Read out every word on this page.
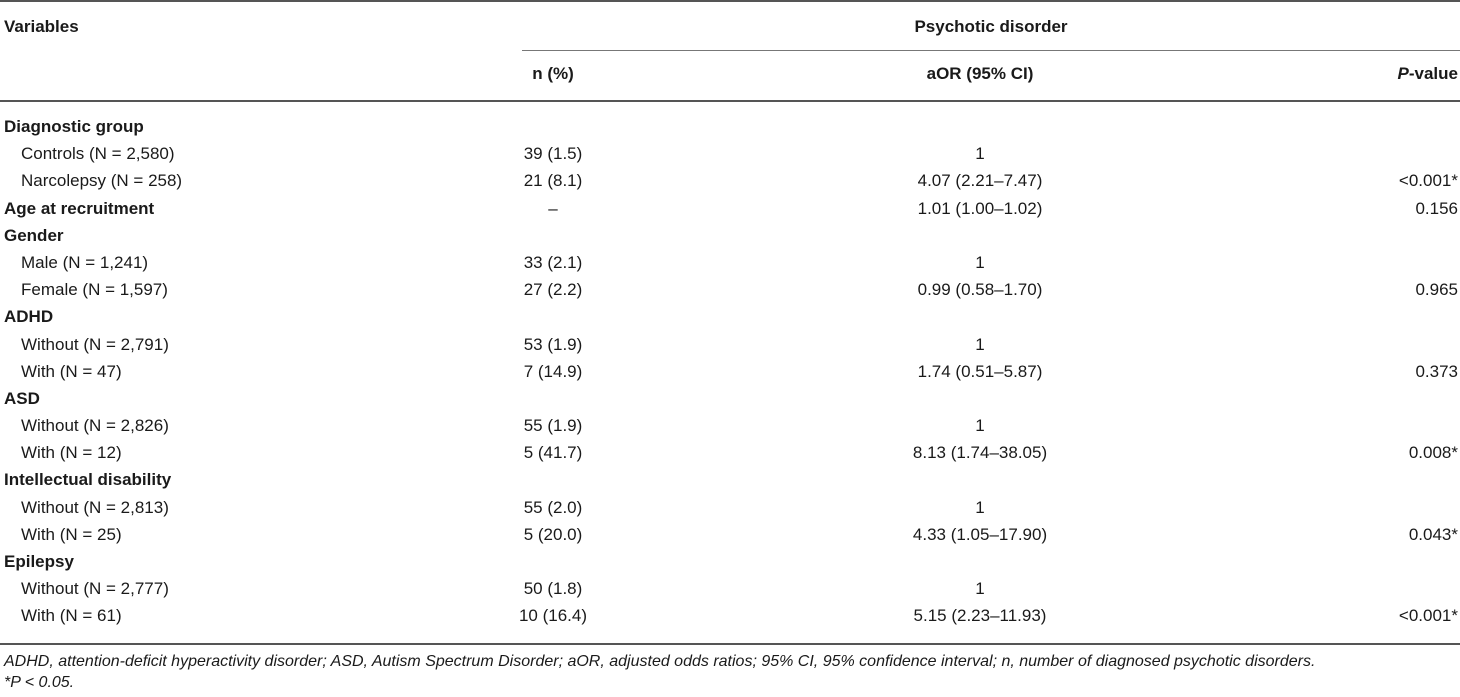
Variables	Psychotic disorder
n (%)	aOR (95% CI)	P-value
Diagnostic group
Controls (N = 2,580)	39 (1.5)	1
Narcolepsy (N = 258)	21 (8.1)	4.07 (2.21–7.47)	<0.001*
Age at recruitment	–	1.01 (1.00–1.02)	0.156
Gender
Male (N = 1,241)	33 (2.1)	1
Female (N = 1,597)	27 (2.2)	0.99 (0.58–1.70)	0.965
ADHD
Without (N = 2,791)	53 (1.9)	1
With (N = 47)	7 (14.9)	1.74 (0.51–5.87)	0.373
ASD
Without (N = 2,826)	55 (1.9)	1
With (N = 12)	5 (41.7)	8.13 (1.74–38.05)	0.008*
Intellectual disability
Without (N = 2,813)	55 (2.0)	1
With (N = 25)	5 (20.0)	4.33 (1.05–17.90)	0.043*
Epilepsy
Without (N = 2,777)	50 (1.8)	1
With (N = 61)	10 (16.4)	5.15 (2.23–11.93)	<0.001*
ADHD, attention-deficit hyperactivity disorder; ASD, Autism Spectrum Disorder; aOR, adjusted odds ratios; 95% CI, 95% confidence interval; n, number of diagnosed psychotic disorders.
*P < 0.05.
